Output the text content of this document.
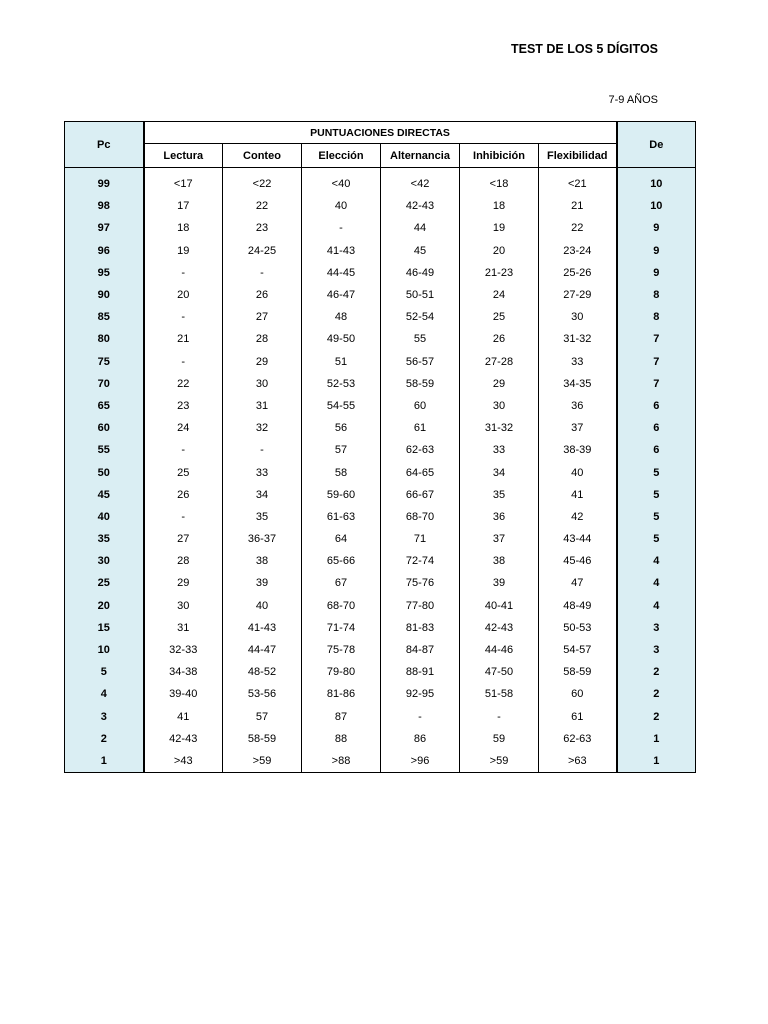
TEST DE LOS 5 DÍGITOS
7-9 AÑOS
Pc	PUNTUACIONES DIRECTAS						De
	Lectura	Conteo	Elección	Alternancia	Inhibición	Flexibilidad	

99	<17	<22	<40	<42	<18	<21	10
98	17	22	40	42-43	18	21	10
97	18	23	-	44	19	22	9
96	19	24-25	41-43	45	20	23-24	9
95	-	-	44-45	46-49	21-23	25-26	9
90	20	26	46-47	50-51	24	27-29	8
85	-	27	48	52-54	25	30	8
80	21	28	49-50	55	26	31-32	7
75	-	29	51	56-57	27-28	33	7
70	22	30	52-53	58-59	29	34-35	7
65	23	31	54-55	60	30	36	6
60	24	32	56	61	31-32	37	6
55	-	-	57	62-63	33	38-39	6
50	25	33	58	64-65	34	40	5
45	26	34	59-60	66-67	35	41	5
40	-	35	61-63	68-70	36	42	5
35	27	36-37	64	71	37	43-44	5
30	28	38	65-66	72-74	38	45-46	4
25	29	39	67	75-76	39	47	4
20	30	40	68-70	77-80	40-41	48-49	4
15	31	41-43	71-74	81-83	42-43	50-53	3
10	32-33	44-47	75-78	84-87	44-46	54-57	3
5	34-38	48-52	79-80	88-91	47-50	58-59	2
4	39-40	53-56	81-86	92-95	51-58	60	2
3	41	57	87	-	-	61	2
2	42-43	58-59	88	86	59	62-63	1
1	>43	>59	>88	>96	>59	>63	1
